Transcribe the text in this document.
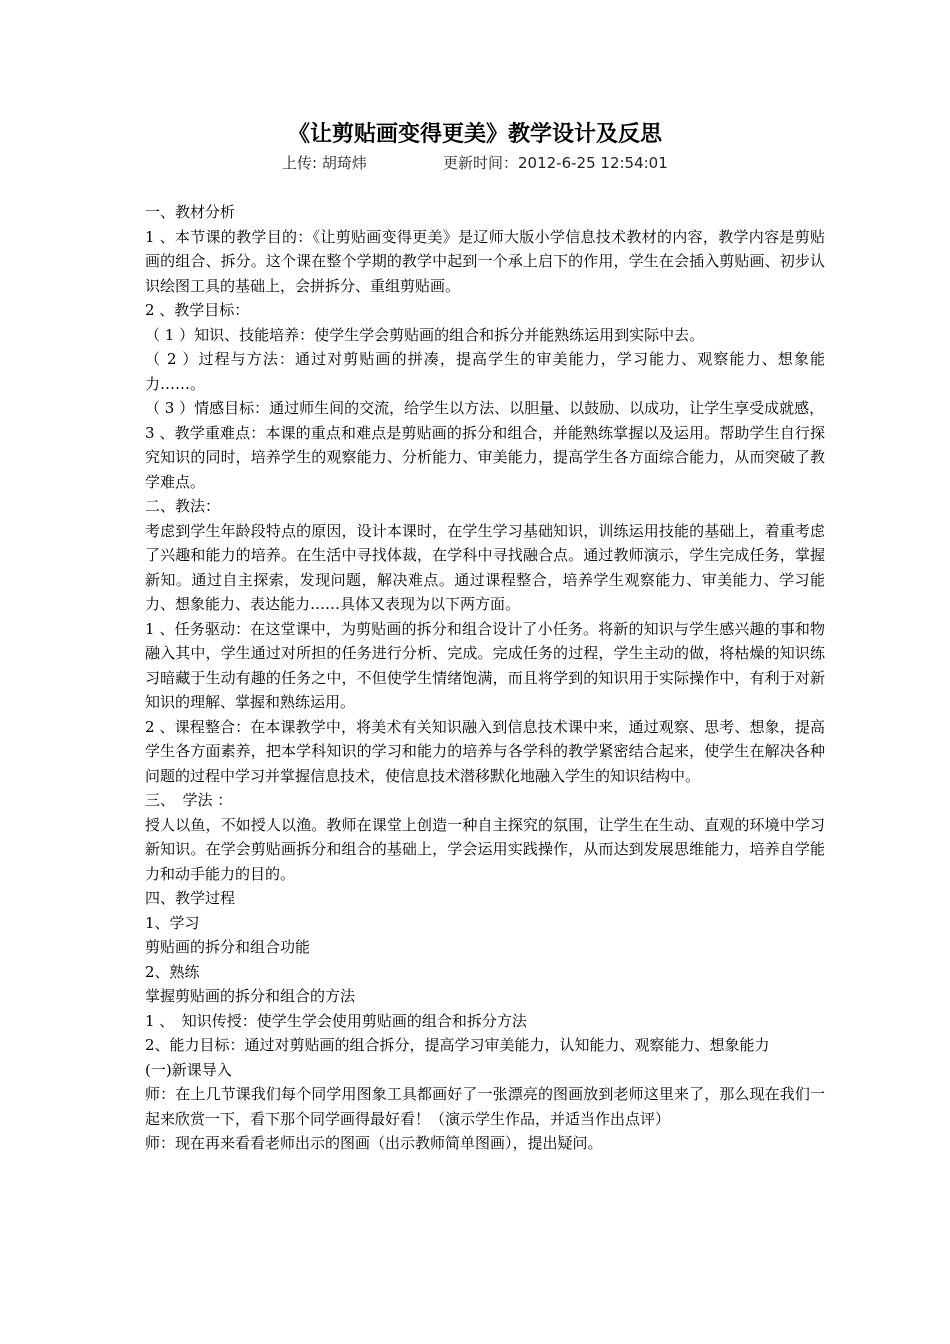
《让剪贴画变得更美》教学设计及反思
上传: 胡琦炜	更新时间：2012-6-25 12:54:01

一、教材分析

1 、本节课的教学目的：《让剪贴画变得更美》是辽师大版小学信息技术教材的内容，教学内容是剪贴画的组合、拆分。这个课在整个学期的教学中起到一个承上启下的作用，学生在会插入剪贴画、初步认识绘图工具的基础上，会拼拆分、重组剪贴画。

2 、教学目标：

（ 1 ）知识、技能培养：使学生学会剪贴画的组合和拆分并能熟练运用到实际中去。

（ 2 ）过程与方法：通过对剪贴画的拼凑，提高学生的审美能力，学习能力、观察能力、想象能力……。

（ 3 ）情感目标：通过师生间的交流，给学生以方法、以胆量、以鼓励、以成功，让学生享受成就感，

3 、教学重难点：本课的重点和难点是剪贴画的拆分和组合，并能熟练掌握以及运用。帮助学生自行探究知识的同时，培养学生的观察能力、分析能力、审美能力，提高学生各方面综合能力，从而突破了教学难点。

二、教法：

考虑到学生年龄段特点的原因，设计本课时，在学生学习基础知识，训练运用技能的基础上，着重考虑了兴趣和能力的培养。在生活中寻找体裁，在学科中寻找融合点。通过教师演示，学生完成任务，掌握新知。通过自主探索，发现问题，解决难点。通过课程整合，培养学生观察能力、审美能力、学习能力、想象能力、表达能力……具体又表现为以下两方面。

1 、任务驱动：在这堂课中，为剪贴画的拆分和组合设计了小任务。将新的知识与学生感兴趣的事和物融入其中，学生通过对所担的任务进行分析、完成。完成任务的过程，学生主动的做，将枯燥的知识练习暗藏于生动有趣的任务之中，不但使学生情绪饱满，而且将学到的知识用于实际操作中，有利于对新知识的理解、掌握和熟练运用。

2 、课程整合：在本课教学中，将美术有关知识融入到信息技术课中来，通过观察、思考、想象，提高学生各方面素养，把本学科知识的学习和能力的培养与各学科的教学紧密结合起来，使学生在解决各种问题的过程中学习并掌握信息技术，使信息技术潜移默化地融入学生的知识结构中。

三、　学法 ：

授人以鱼，不如授人以渔。教师在课堂上创造一种自主探究的氛围，让学生在生动、直观的环境中学习新知识。在学会剪贴画拆分和组合的基础上，学会运用实践操作，从而达到发展思维能力，培养自学能力和动手能力的目的。

四、教学过程

1、学习

剪贴画的拆分和组合功能

2、熟练

掌握剪贴画的拆分和组合的方法

1 、　知识传授：使学生学会使用剪贴画的组合和拆分方法

2、能力目标：通过对剪贴画的组合拆分，提高学习审美能力，认知能力、观察能力、想象能力

(一)新课导入

师：在上几节课我们每个同学用图象工具都画好了一张漂亮的图画放到老师这里来了，那么现在我们一起来欣赏一下，看下那个同学画得最好看！（演示学生作品，并适当作出点评）

师：现在再来看看老师出示的图画（出示教师简单图画），提出疑问。
